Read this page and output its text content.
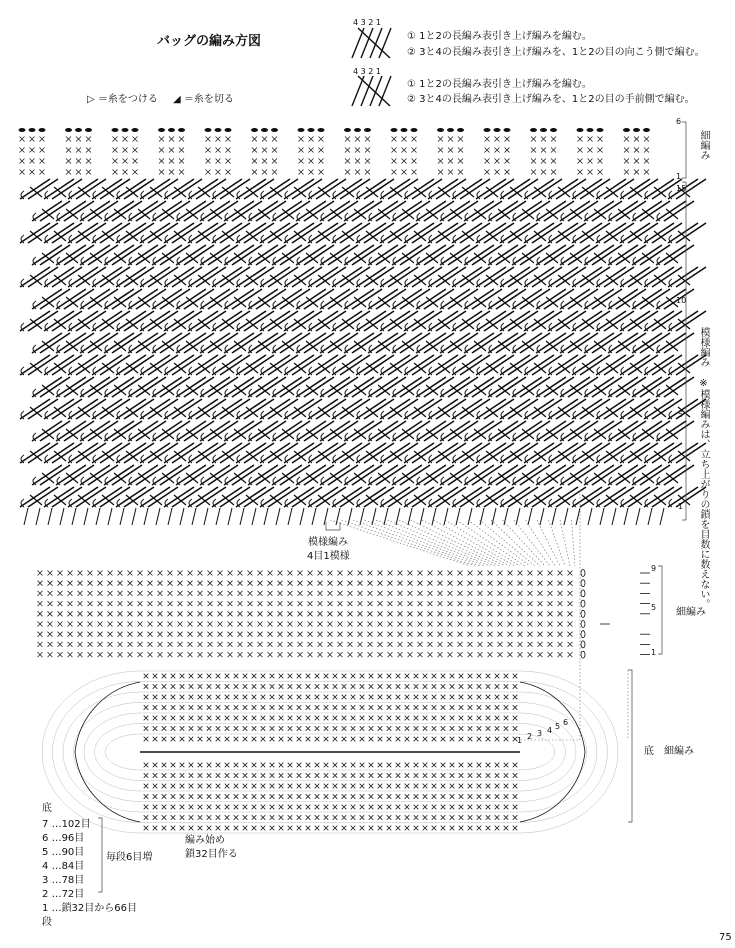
バッグの編み方図
▷ ＝糸をつける ◢ ＝糸を切る
4 3 2 1
① 1と2の長編み表引き上げ編みを編む。
② 3と4の長編み表引き上げ編みを、1と2の目の向こう側で編む。
4 3 2 1
① 1と2の長編み表引き上げ編みを編む。
② 3と4の長編み表引き上げ編みを、1と2の目の手前側で編む。
模様編み
4目1模様
細編み
模様編み
※模様編みは、立ち上がりの鎖を目数に数えない。
6
1
15
10
5
1
細編み
9
5
1
底　細編み
編み始め
鎖32目作る
1 2 3 4 5 6
底
7 …102目
6 …96目
5 …90目
4 …84目
3 …78目
2 …72目
1 …鎖32目から66目
段
毎段6目増
75
